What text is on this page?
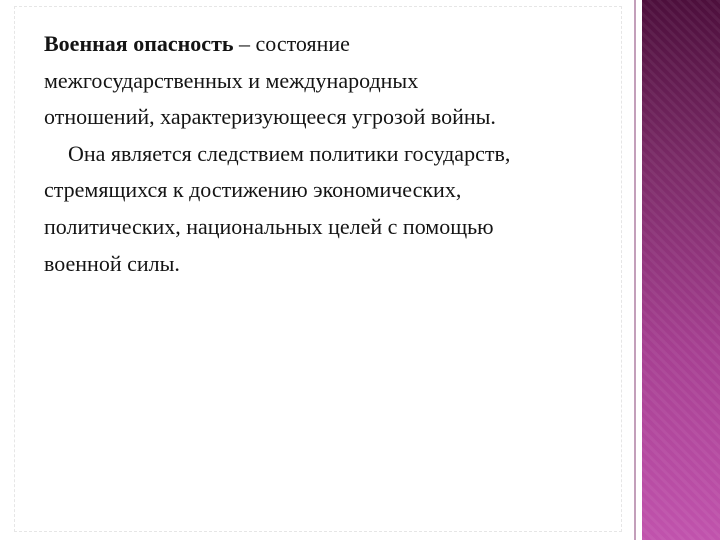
Военная опасность – состояние

межгосударственных и международных

отношений, характеризующееся угрозой войны.

Она является следствием политики государств,

стремящихся к достижению экономических,

политических, национальных целей с помощью

военной силы.
